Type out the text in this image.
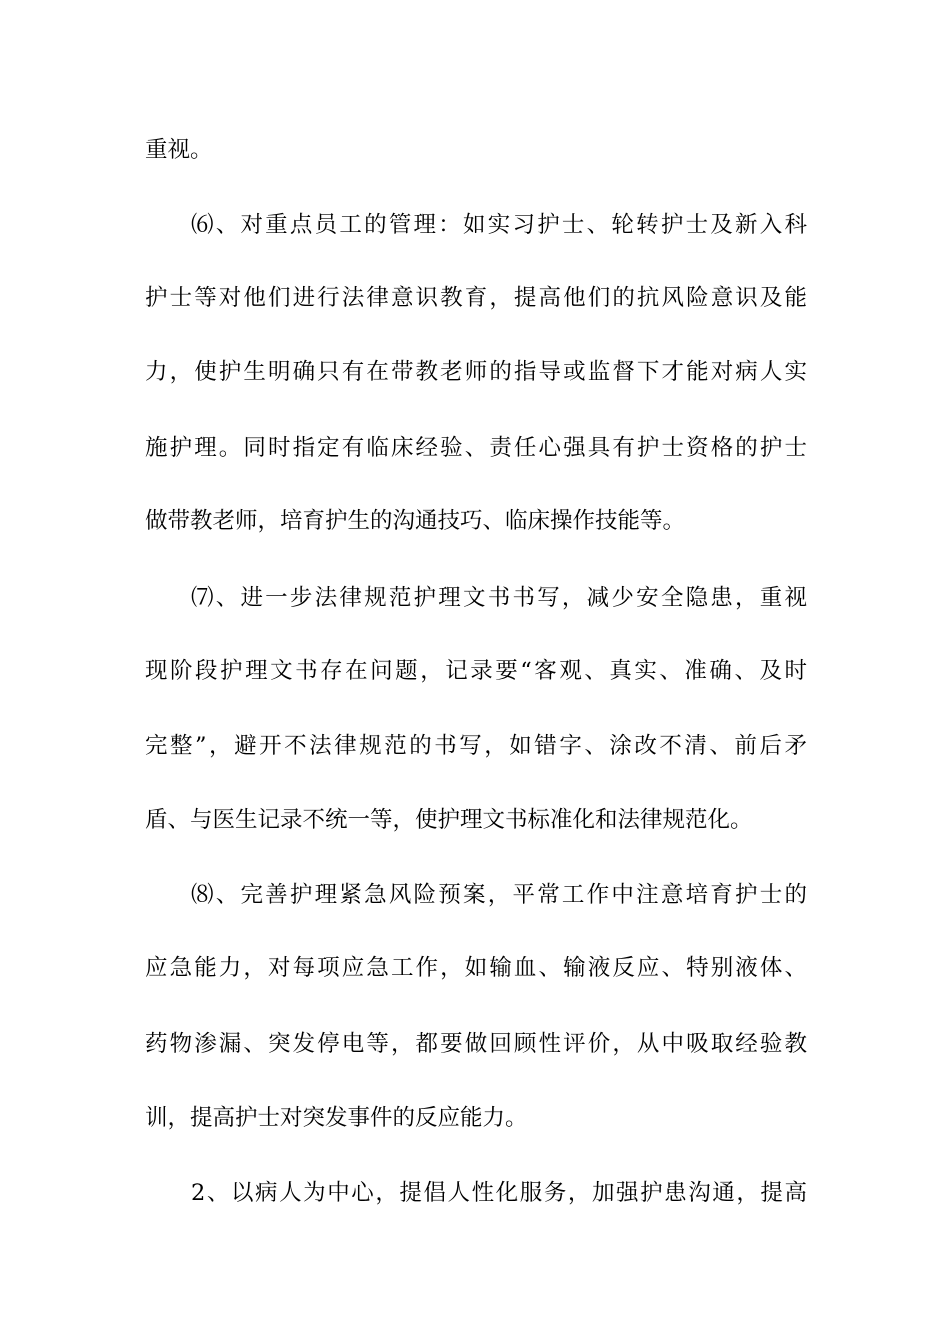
重视。
⑹、对重点员工的管理：如实习护士、轮转护士及新入科
护士等对他们进行法律意识教育，提高他们的抗风险意识及能
力，使护生明确只有在带教老师的指导或监督下才能对病人实
施护理。同时指定有临床经验、责任心强具有护士资格的护士
做带教老师，培育护生的沟通技巧、临床操作技能等。
⑺、进一步法律规范护理文书书写，减少安全隐患，重视
现阶段护理文书存在问题，记录要“客观、真实、准确、及时
完整”，避开不法律规范的书写，如错字、涂改不清、前后矛
盾、与医生记录不统一等，使护理文书标准化和法律规范化。
⑻、完善护理紧急风险预案，平常工作中注意培育护士的
应急能力，对每项应急工作，如输血、输液反应、特别液体、
药物渗漏、突发停电等，都要做回顾性评价，从中吸取经验教
训，提高护士对突发事件的反应能力。
2、以病人为中心，提倡人性化服务，加强护患沟通，提高
